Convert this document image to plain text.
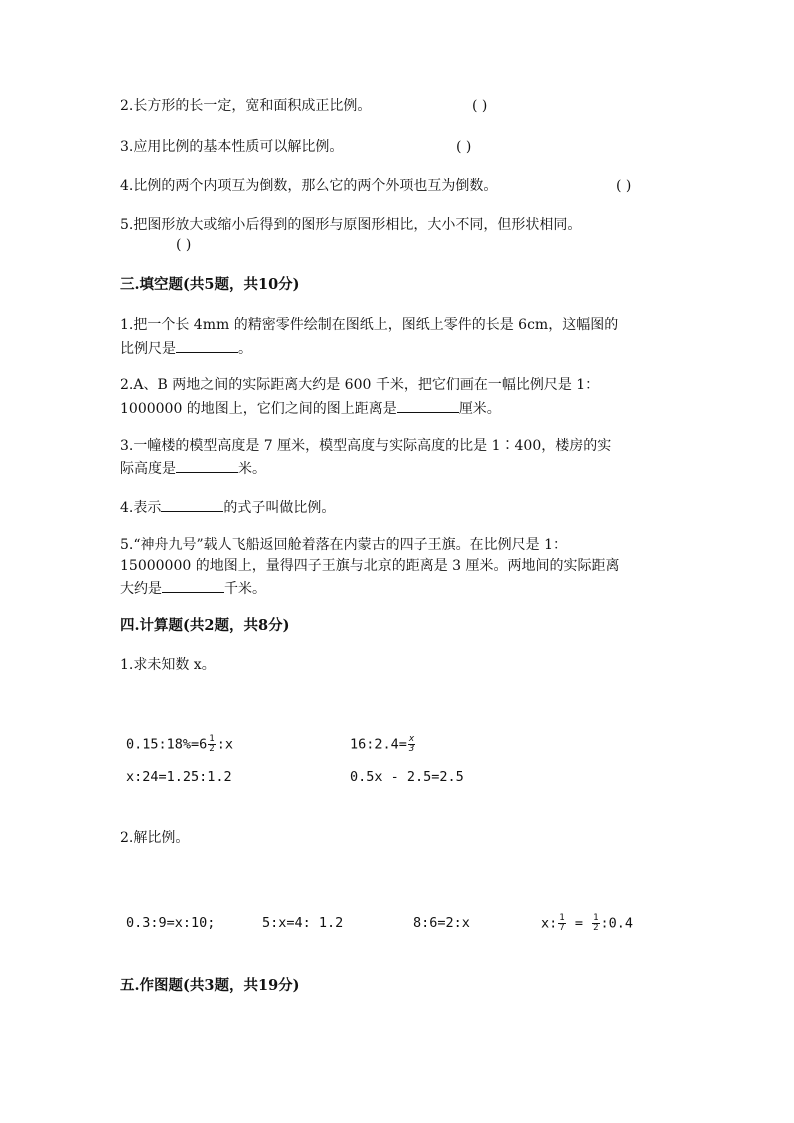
2.长方形的长一定，宽和面积成正比例。	( )
3.应用比例的基本性质可以解比例。	( )
4.比例的两个内项互为倒数，那么它的两个外项也互为倒数。	( )
5.把图形放大或缩小后得到的图形与原图形相比，大小不同，但形状相同。
( )
三.填空题(共5题，共10分)
1.把一个长 4mm 的精密零件绘制在图纸上，图纸上零件的长是 6cm，这幅图的
比例尺是	。
2.A、B 两地之间的实际距离大约是 600 千米，把它们画在一幅比例尺是 1：
1000000 的地图上，它们之间的图上距离是	厘米。
3.一幢楼的模型高度是 7 厘米，模型高度与实际高度的比是 1∶400，楼房的实
际高度是	米。
4.表示	的式子叫做比例。
5.“神舟九号”载人飞船返回舱着落在内蒙古的四子王旗。在比例尺是 1：
15000000 的地图上，量得四子王旗与北京的距离是 3 厘米。两地间的实际距离
大约是	千米。
四.计算题(共2题，共8分)
1.求未知数 x。
0.15:18%=6 $\frac{1}{2}$ :x	16:2.4= $\frac{x}{3}$
x:24=1.25:1.2	0.5x - 2.5=2.5
2.解比例。
0.3:9=x:10;	5:x=4: 1.2	8:6=2:x	x: $\frac{1}{7} = \frac{1}{2}$ :0.4
五.作图题(共3题，共19分)
